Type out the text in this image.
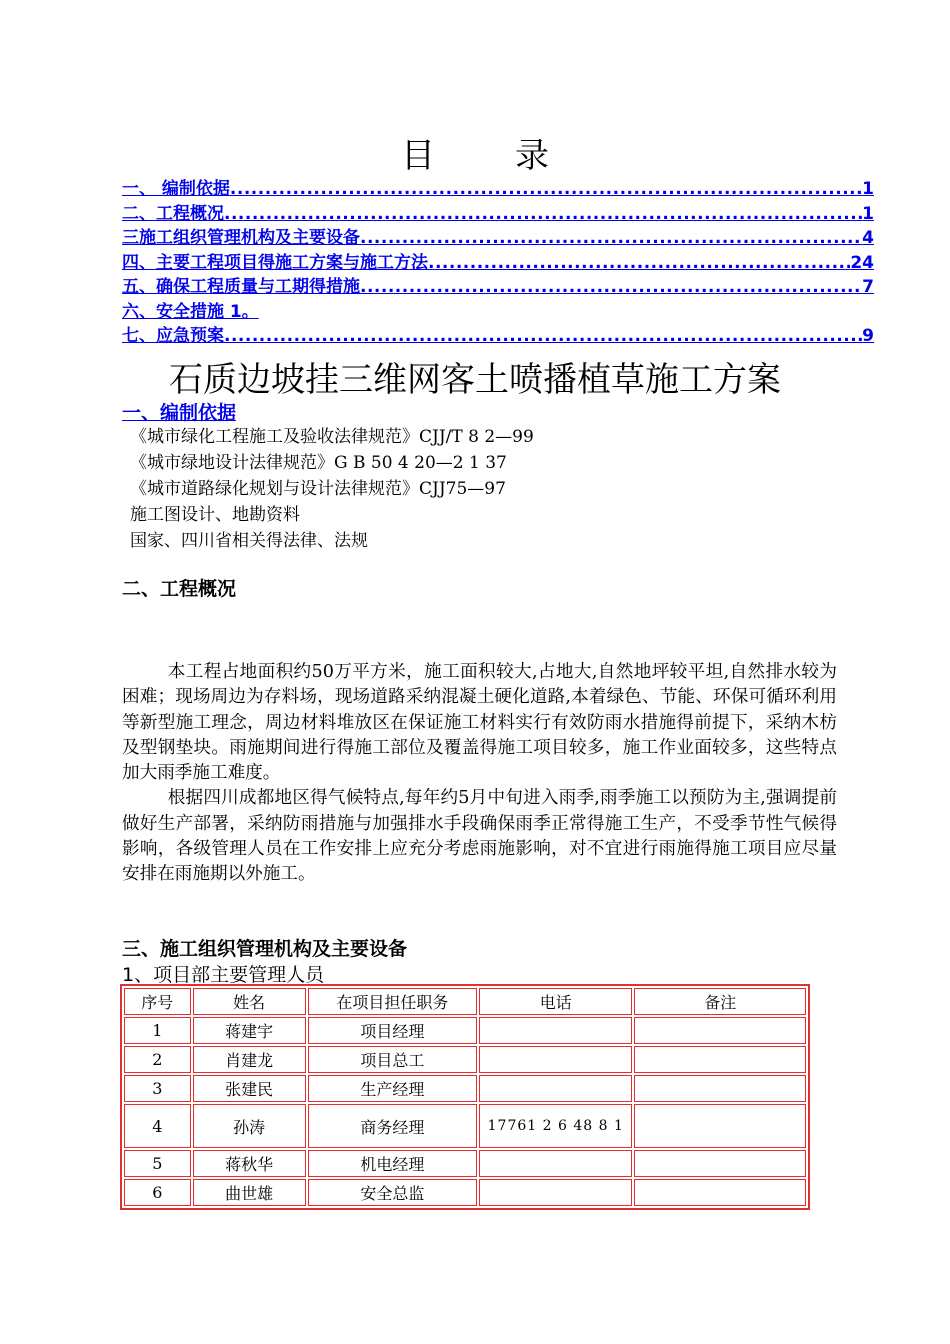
目 录
一、 编制依据 .....	1
二、工程概况 .....	1
三施工组织管理机构及主要设备 .....	4
四、主要工程项目得施工方案与施工方法 .....	24
五、确保工程质量与工期得措施 .....	7
六、安全措施 1。
七、应急预案 .....	9
石质边坡挂三维网客土喷播植草施工方案
一、编制依据
《城市绿化工程施工及验收法律规范》CJJ/T 8 2—99
《城市绿地设计法律规范》G B 50 4 20—2 1 37
《城市道路绿化规划与设计法律规范》CJJ75—97
施工图设计、地勘资料
国家、四川省相关得法律、法规
二、工程概况

本工程占地面积约50万平方米，施工面积较大,占地大,自然地坪较平坦,自然排水较为困难；现场周边为存料场，现场道路采纳混凝土硬化道路,本着绿色、节能、环保可循环利用等新型施工理念，周边材料堆放区在保证施工材料实行有效防雨水措施得前提下，采纳木枋及型钢垫块。雨施期间进行得施工部位及覆盖得施工项目较多，施工作业面较多，这些特点加大雨季施工难度。

根据四川成都地区得气候特点,每年约5月中旬进入雨季,雨季施工以预防为主,强调提前做好生产部署，采纳防雨措施与加强排水手段确保雨季正常得施工生产，不受季节性气候得影响，各级管理人员在工作安排上应充分考虑雨施影响，对不宜进行雨施得施工项目应尽量安排在雨施期以外施工。

三、施工组织管理机构及主要设备
1、项目部主要管理人员
序号	姓名	在项目担任职务	电话	备注
1	蒋建宇	项目经理		
2	肖建龙	项目总工		
3	张建民	生产经理		
4	孙涛	商务经理	17761 2 6 48 8 1	
5	蒋秋华	机电经理		
6	曲世雄	安全总监		
